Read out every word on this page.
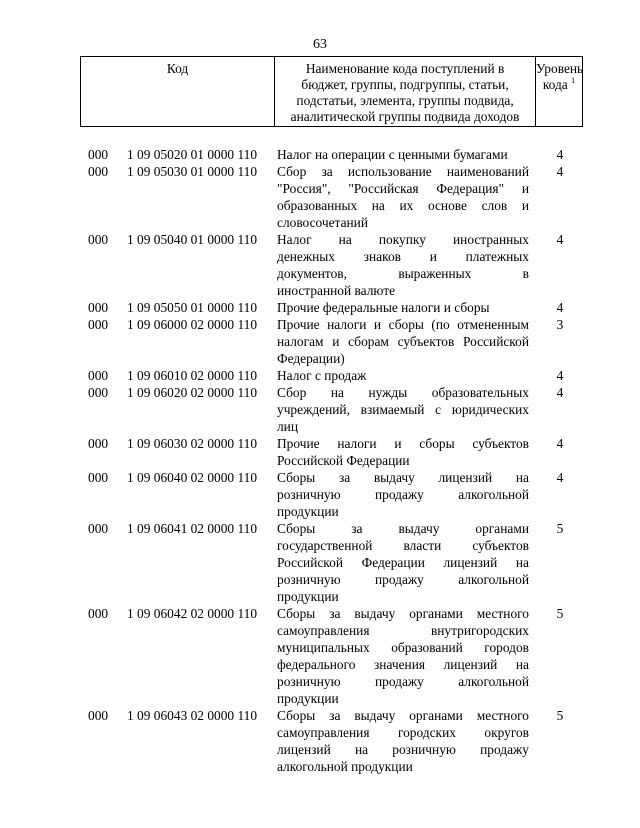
63
Код	Наименование кода поступлений в
бюджет, группы, подгруппы, статьи,
подстатьи, элемента, группы подвида,
аналитической группы подвида доходов
Уровень
кода $^1$
000	1 09 05020 01 0000 110	Налог на операции с ценными бумагами	4
000	1 09 05030 01 0000 110	Сбор за использование наименований
"Россия", "Российская Федерация" и
образованных на их основе слов и
словосочетаний
4
000	1 09 05040 01 0000 110	Налог на покупку иностранных
денежных знаков и платежных
документов, выраженных в
иностранной валюте
4
000	1 09 05050 01 0000 110	Прочие федеральные налоги и сборы	4
000	1 09 06000 02 0000 110	Прочие налоги и сборы (по отмененным
налогам и сборам субъектов Российской
Федерации)
3
000	1 09 06010 02 0000 110	Налог с продаж	4
000	1 09 06020 02 0000 110	Сбор на нужды образовательных
учреждений, взимаемый с юридических
лиц
4
000	1 09 06030 02 0000 110	Прочие налоги и сборы субъектов
Российской Федерации
4
000	1 09 06040 02 0000 110	Сборы за выдачу лицензий на
розничную продажу алкогольной
продукции
4
000	1 09 06041 02 0000 110	Сборы за выдачу органами
государственной власти субъектов
Российской Федерации лицензий на
розничную продажу алкогольной
продукции
5
000	1 09 06042 02 0000 110	Сборы за выдачу органами местного
самоуправления внутригородских
муниципальных образований городов
федерального значения лицензий на
розничную продажу алкогольной
продукции
5
000	1 09 06043 02 0000 110	Сборы за выдачу органами местного
самоуправления городских округов
лицензий на розничную продажу
алкогольной продукции
5
